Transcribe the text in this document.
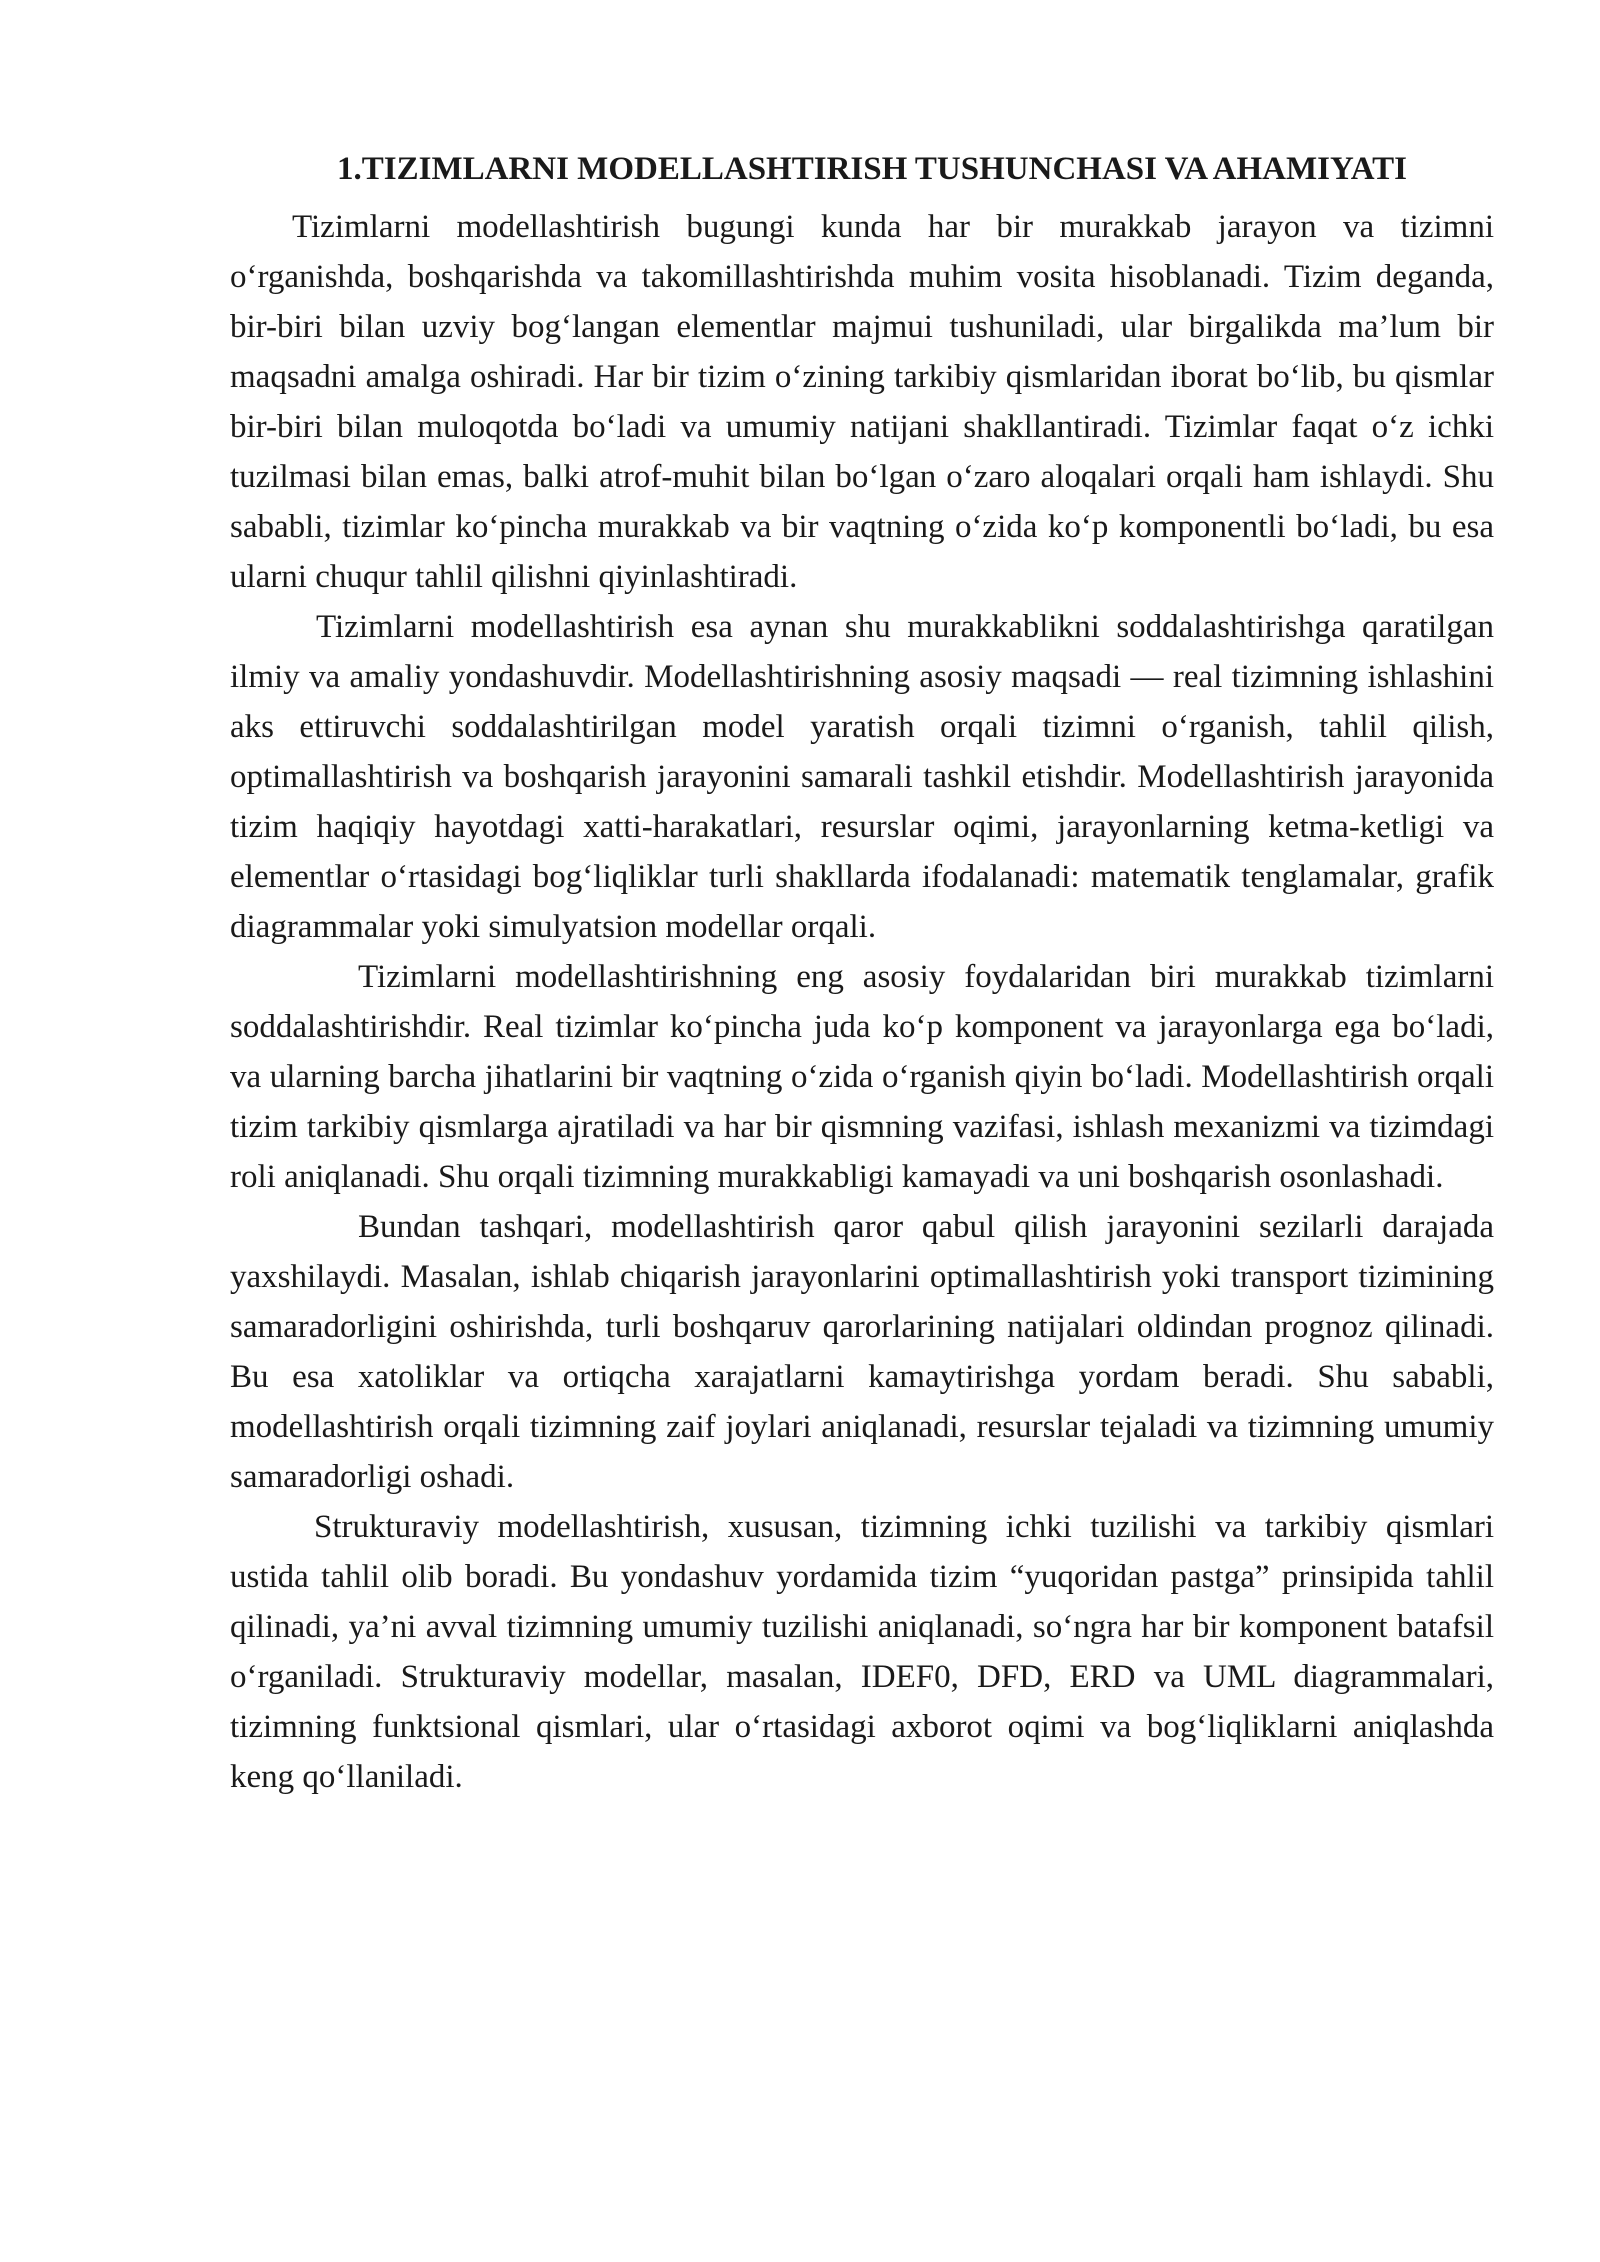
1.TIZIMLARNI MODELLASHTIRISH TUSHUNCHASI VA AHAMIYATI

Tizimlarni modellashtirish bugungi kunda har bir murakkab jarayon va tizimni o‘rganishda, boshqarishda va takomillashtirishda muhim vosita hisoblanadi. Tizim deganda, bir-biri bilan uzviy bog‘langan elementlar majmui tushuniladi, ular birgalikda ma’lum bir maqsadni amalga oshiradi. Har bir tizim o‘zining tarkibiy qismlaridan iborat bo‘lib, bu qismlar bir-biri bilan muloqotda bo‘ladi va umumiy natijani shakllantiradi. Tizimlar faqat o‘z ichki tuzilmasi bilan emas, balki atrof-muhit bilan bo‘lgan o‘zaro aloqalari orqali ham ishlaydi. Shu sababli, tizimlar ko‘pincha murakkab va bir vaqtning o‘zida ko‘p komponentli bo‘ladi, bu esa ularni chuqur tahlil qilishni qiyinlashtiradi.

Tizimlarni modellashtirish esa aynan shu murakkablikni soddalashtirishga qaratilgan ilmiy va amaliy yondashuvdir. Modellashtirishning asosiy maqsadi — real tizimning ishlashini aks ettiruvchi soddalashtirilgan model yaratish orqali tizimni o‘rganish, tahlil qilish, optimallashtirish va boshqarish jarayonini samarali tashkil etishdir. Modellashtirish jarayonida tizim haqiqiy hayotdagi xatti-harakatlari, resurslar oqimi, jarayonlarning ketma-ketligi va elementlar o‘rtasidagi bog‘liqliklar turli shakllarda ifodalanadi: matematik tenglamalar, grafik diagrammalar yoki simulyatsion modellar orqali.

Tizimlarni modellashtirishning eng asosiy foydalaridan biri murakkab tizimlarni soddalashtirishdir. Real tizimlar ko‘pincha juda ko‘p komponent va jarayonlarga ega bo‘ladi, va ularning barcha jihatlarini bir vaqtning o‘zida o‘rganish qiyin bo‘ladi. Modellashtirish orqali tizim tarkibiy qismlarga ajratiladi va har bir qismning vazifasi, ishlash mexanizmi va tizimdagi roli aniqlanadi. Shu orqali tizimning murakkabligi kamayadi va uni boshqarish osonlashadi.

Bundan tashqari, modellashtirish qaror qabul qilish jarayonini sezilarli darajada yaxshilaydi. Masalan, ishlab chiqarish jarayonlarini optimallashtirish yoki transport tizimining samaradorligini oshirishda, turli boshqaruv qarorlarining natijalari oldindan prognoz qilinadi. Bu esa xatoliklar va ortiqcha xarajatlarni kamaytirishga yordam beradi. Shu sababli, modellashtirish orqali tizimning zaif joylari aniqlanadi, resurslar tejaladi va tizimning umumiy samaradorligi oshadi.

Strukturaviy modellashtirish, xususan, tizimning ichki tuzilishi va tarkibiy qismlari ustida tahlil olib boradi. Bu yondashuv yordamida tizim “yuqoridan pastga” prinsipida tahlil qilinadi, ya’ni avval tizimning umumiy tuzilishi aniqlanadi, so‘ngra har bir komponent batafsil o‘rganiladi. Strukturaviy modellar, masalan, IDEF0, DFD, ERD va UML diagrammalari, tizimning funktsional qismlari, ular o‘rtasidagi axborot oqimi va bog‘liqliklarni aniqlashda keng qo‘llaniladi.
